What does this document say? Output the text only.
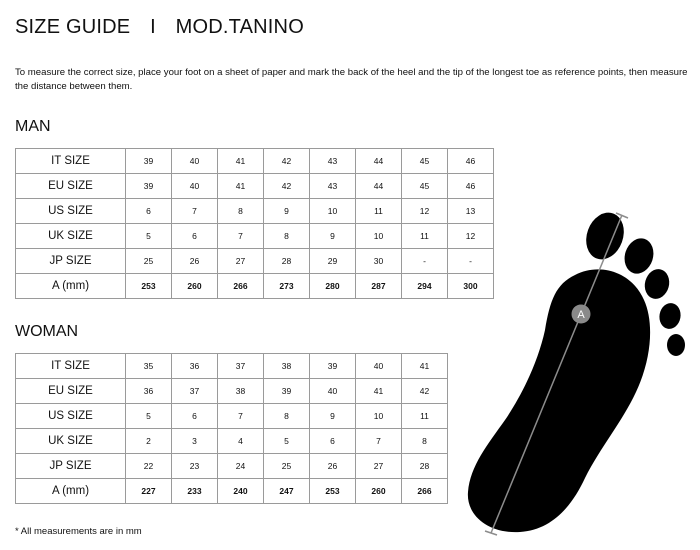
SIZE GUIDE I MOD.TANINO
To measure the correct size, place your foot on a sheet of paper and mark the back of the heel and the tip of the longest toe as reference points, then measure the distance between them.
MAN
IT SIZE	39	40	41	42	43	44	45	46
EU SIZE	39	40	41	42	43	44	45	46
US SIZE	6	7	8	9	10	11	12	13
UK SIZE	5	6	7	8	9	10	11	12
JP SIZE	25	26	27	28	29	30	-	-
A (mm)	253	260	266	273	280	287	294	300
WOMAN
IT SIZE	35	36	37	38	39	40	41
EU SIZE	36	37	38	39	40	41	42
US SIZE	5	6	7	8	9	10	11
UK SIZE	2	3	4	5	6	7	8
JP SIZE	22	23	24	25	26	27	28
A (mm)	227	233	240	247	253	260	266
* All measurements are in mm
A
